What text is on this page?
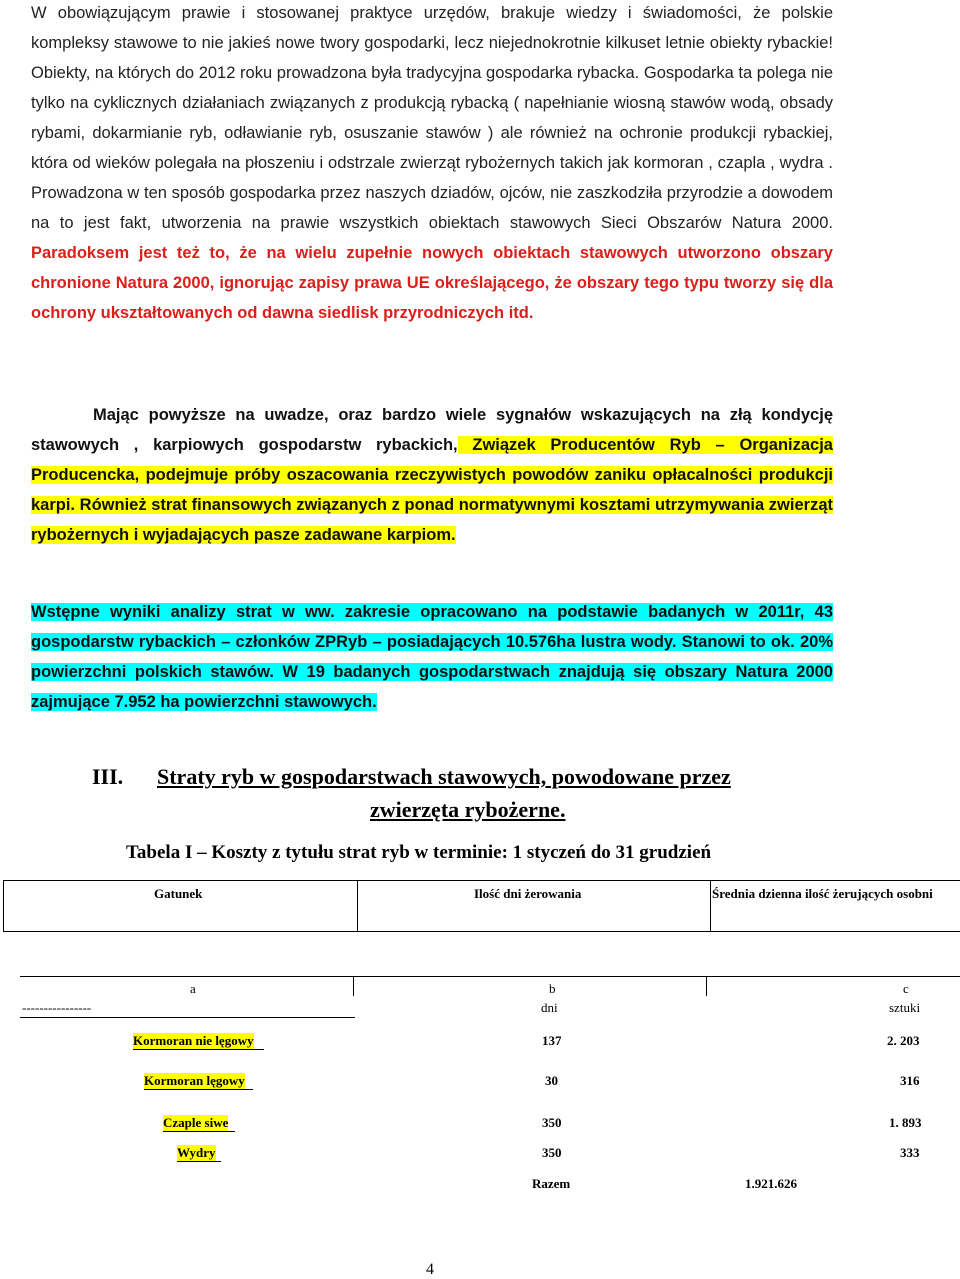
W obowiązującym prawie i stosowanej praktyce urzędów, brakuje wiedzy i świadomości, że polskie kompleksy stawowe to nie jakieś nowe twory gospodarki, lecz niejednokrotnie kilkuset letnie obiekty rybackie! Obiekty, na których do 2012 roku prowadzona była tradycyjna gospodarka rybacka. Gospodarka ta polega nie tylko na cyklicznych działaniach związanych z produkcją rybacką ( napełnianie wiosną stawów wodą, obsady rybami, dokarmianie ryb, odławianie ryb, osuszanie stawów ) ale również na ochronie produkcji rybackiej, która od wieków polegała na płoszeniu i odstrzale zwierząt rybożernych takich jak kormoran , czapla , wydra . Prowadzona w ten sposób gospodarka przez naszych dziadów, ojców, nie zaszkodziła przyrodzie a dowodem na to jest fakt, utworzenia na prawie wszystkich obiektach stawowych Sieci Obszarów Natura 2000. Paradoksem jest też to, że na wielu zupełnie nowych obiektach stawowych utworzono obszary chronione Natura 2000, ignorując zapisy prawa UE określającego, że obszary tego typu tworzy się dla ochrony ukształtowanych od dawna siedlisk przyrodniczych itd.

Mając powyższe na uwadze, oraz bardzo wiele sygnałów wskazujących na złą kondycję stawowych , karpiowych gospodarstw rybackich, Związek Producentów Ryb – Organizacja Producencka, podejmuje próby oszacowania rzeczywistych powodów zaniku opłacalności produkcji karpi. Również strat finansowych związanych z ponad normatywnymi kosztami utrzymywania zwierząt rybożernych i wyjadających pasze zadawane karpiom.

Wstępne wyniki analizy strat w ww. zakresie opracowano na podstawie badanych w 2011r, 43 gospodarstw rybackich – członków ZPRyb – posiadających 10.576ha lustra wody. Stanowi to ok. 20% powierzchni polskich stawów. W 19 badanych gospodarstwach znajdują się obszary Natura 2000 zajmujące 7.952 ha powierzchni stawowych.

III. Straty ryb w gospodarstwach stawowych, powodowane przez
zwierzęta rybożerne.

Tabela I – Koszty z tytułu strat ryb w terminie: 1 styczeń do 31 grudzień

Gatunek	Ilość dni żerowania	Średnia dzienna ilość żerujących osobni
a	b	c
----------------	dni	sztuki
Kormoran nie lęgowy	137	2. 203
Kormoran lęgowy	30	316
Czaple siwe	350	1. 893
Wydry	350	333
Razem	1.921.626
4
